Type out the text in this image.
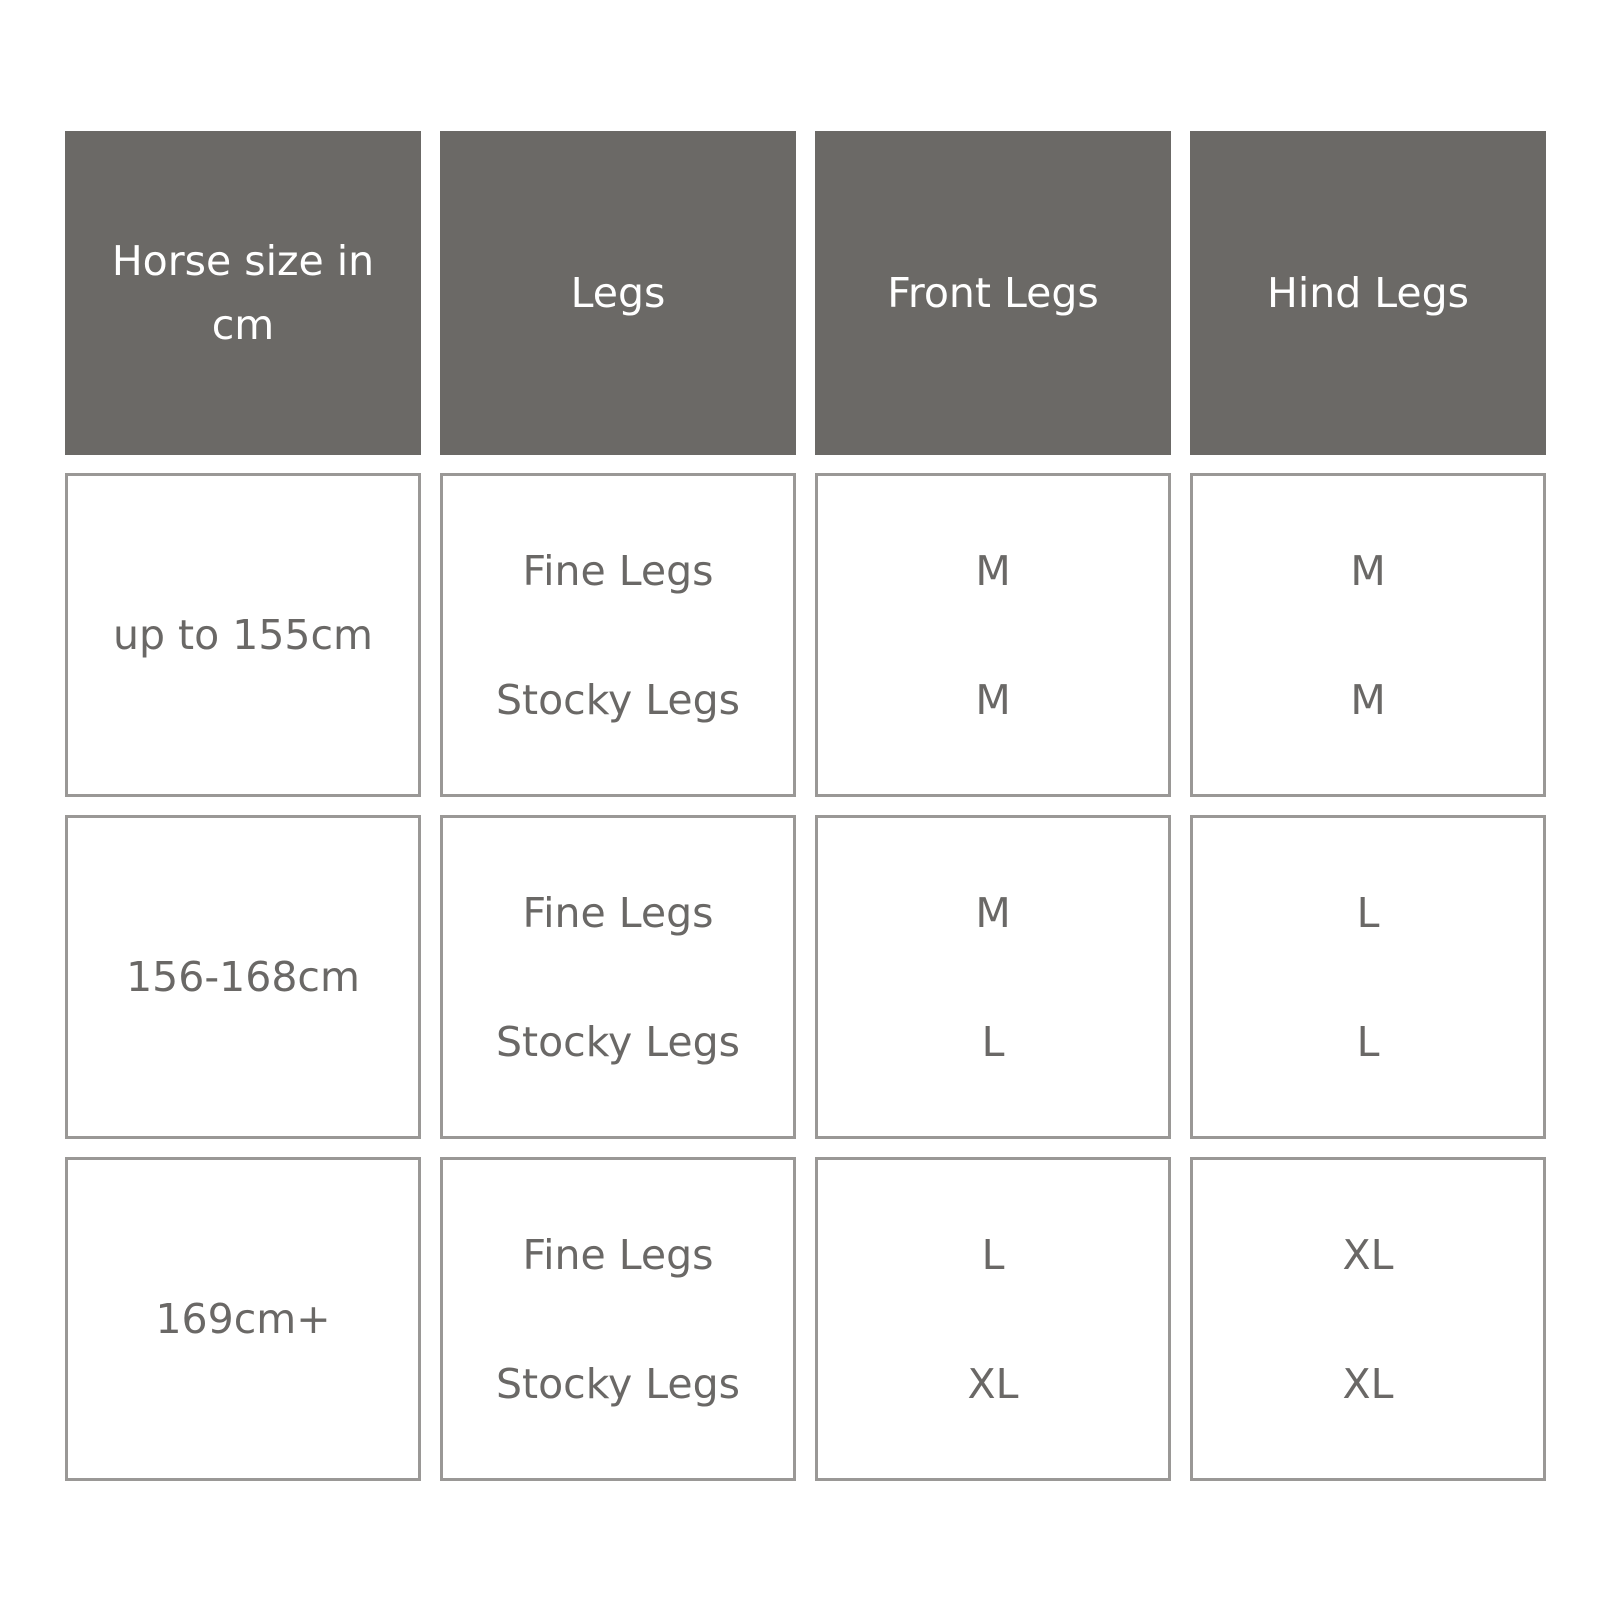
Horse size in cm
Legs	Front Legs	Hind Legs
up to 155cm
Fine Legs
Stocky Legs
M
M
M
M
156-168cm
Fine Legs
Stocky Legs
M
L
L
L
169cm+
Fine Legs
Stocky Legs
L
XL
XL
XL
